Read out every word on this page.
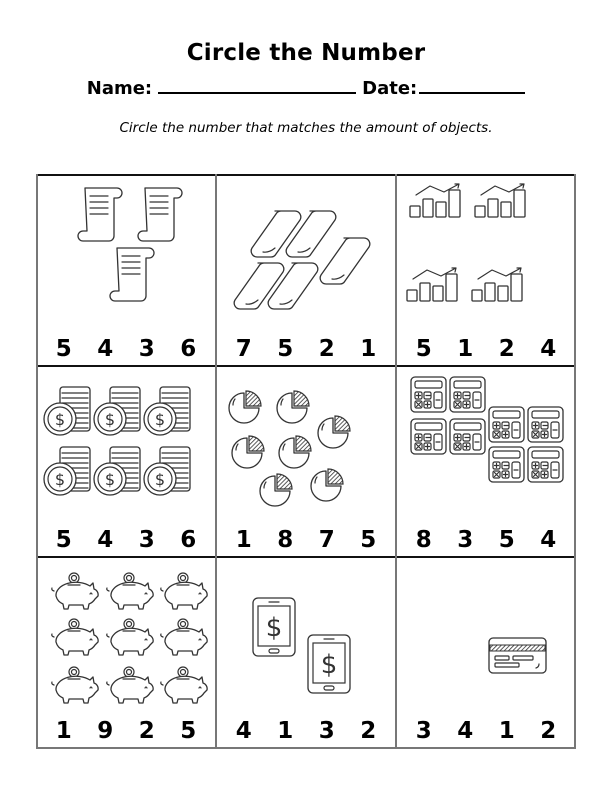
Circle the Number
Name:	Date:
Circle the number that matches the amount of objects.
5	4	3	6	7	5	2	1	5	1	2	4
$
5	4	3	6	1	8	7	5	8	3	5	4
1	9	2	5
$
4	1	3	2	3	4	1	2
